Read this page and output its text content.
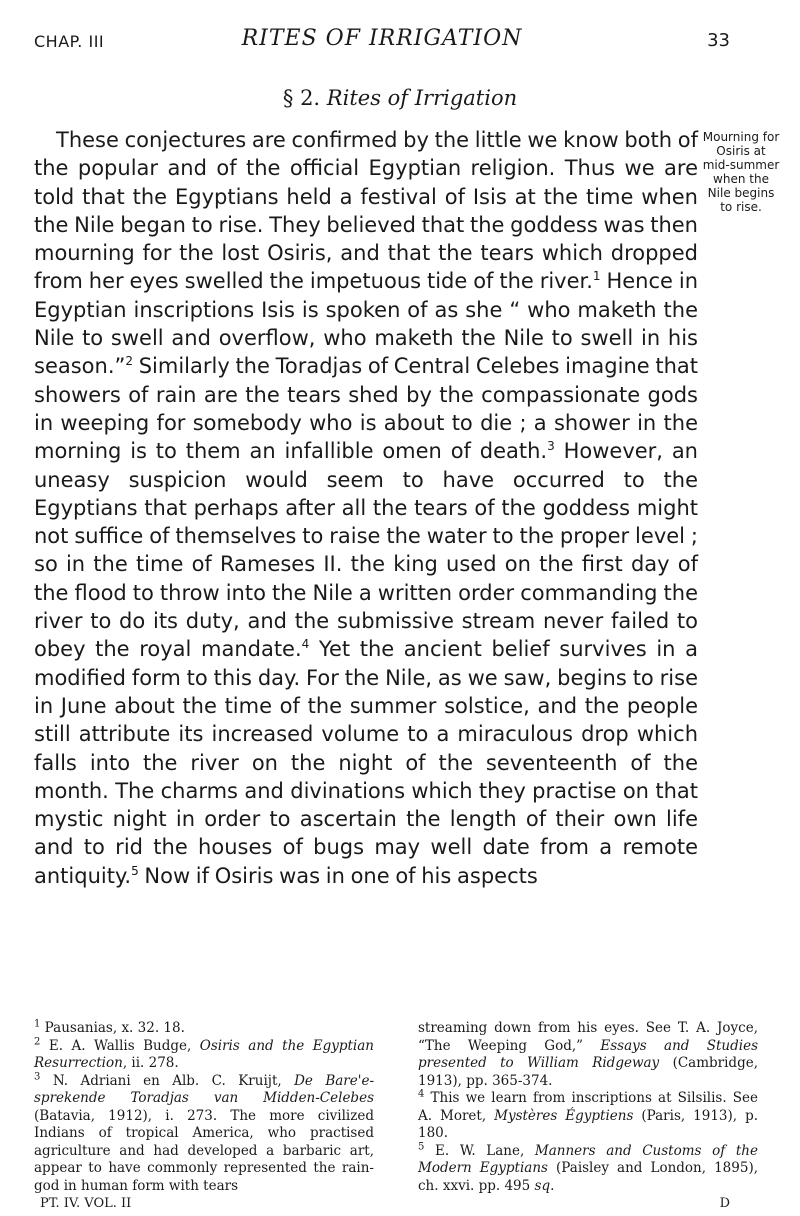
CHAP. III	RITES OF IRRIGATION	33
§ 2. Rites of Irrigation

These conjectures are confirmed by the little we know both of the popular and of the official Egyptian religion. Thus we are told that the Egyptians held a festival of Isis at the time when the Nile began to rise. They believed that the goddess was then mourning for the lost Osiris, and that the tears which dropped from her eyes swelled the impetuous tide of the river.$^1$ Hence in Egyptian inscriptions Isis is spoken of as she “ who maketh the Nile to swell and overflow, who maketh the Nile to swell in his season.”$^2$ Similarly the Toradjas of Central Celebes imagine that showers of rain are the tears shed by the compassionate gods in weeping for somebody who is about to die ; a shower in the morning is to them an infallible omen of death.$^3$ However, an uneasy suspicion would seem to have occurred to the Egyptians that perhaps after all the tears of the goddess might not suffice of themselves to raise the water to the proper level ; so in the time of Rameses II. the king used on the first day of the flood to throw into the Nile a written order commanding the river to do its duty, and the submissive stream never failed to obey the royal mandate.$^4$ Yet the ancient belief survives in a modified form to this day. For the Nile, as we saw, begins to rise in June about the time of the summer solstice, and the people still attribute its increased volume to a miraculous drop which falls into the river on the night of the seventeenth of the month. The charms and divinations which they practise on that mystic night in order to ascertain the length of their own life and to rid the houses of bugs may well date from a remote antiquity.$^5$ Now if Osiris was in one of his aspects

Mourning for Osiris at mid-summer when the Nile begins to rise.

$^1$ Pausanias, x. 32. 18.

$^2$ E. A. Wallis Budge, Osiris and the Egyptian Resurrection, ii. 278.

$^3$ N. Adriani en Alb. C. Kruijt, De Bare'e-sprekende Toradjas van Midden-Celebes (Batavia, 1912), i. 273. The more civilized Indians of tropical America, who practised agriculture and had developed a barbaric art, appear to have commonly represented the rain-god in human form with tears

streaming down from his eyes. See T. A. Joyce, “The Weeping God,” Essays and Studies presented to William Ridgeway (Cambridge, 1913), pp. 365-374.

$^4$ This we learn from inscriptions at Silsilis. See A. Moret, Mystères Égyptiens (Paris, 1913), p. 180.

$^5$ E. W. Lane, Manners and Customs of the Modern Egyptians (Paisley and London, 1895), ch. xxvi. pp. 495 sq.

PT. IV. VOL. II	D
